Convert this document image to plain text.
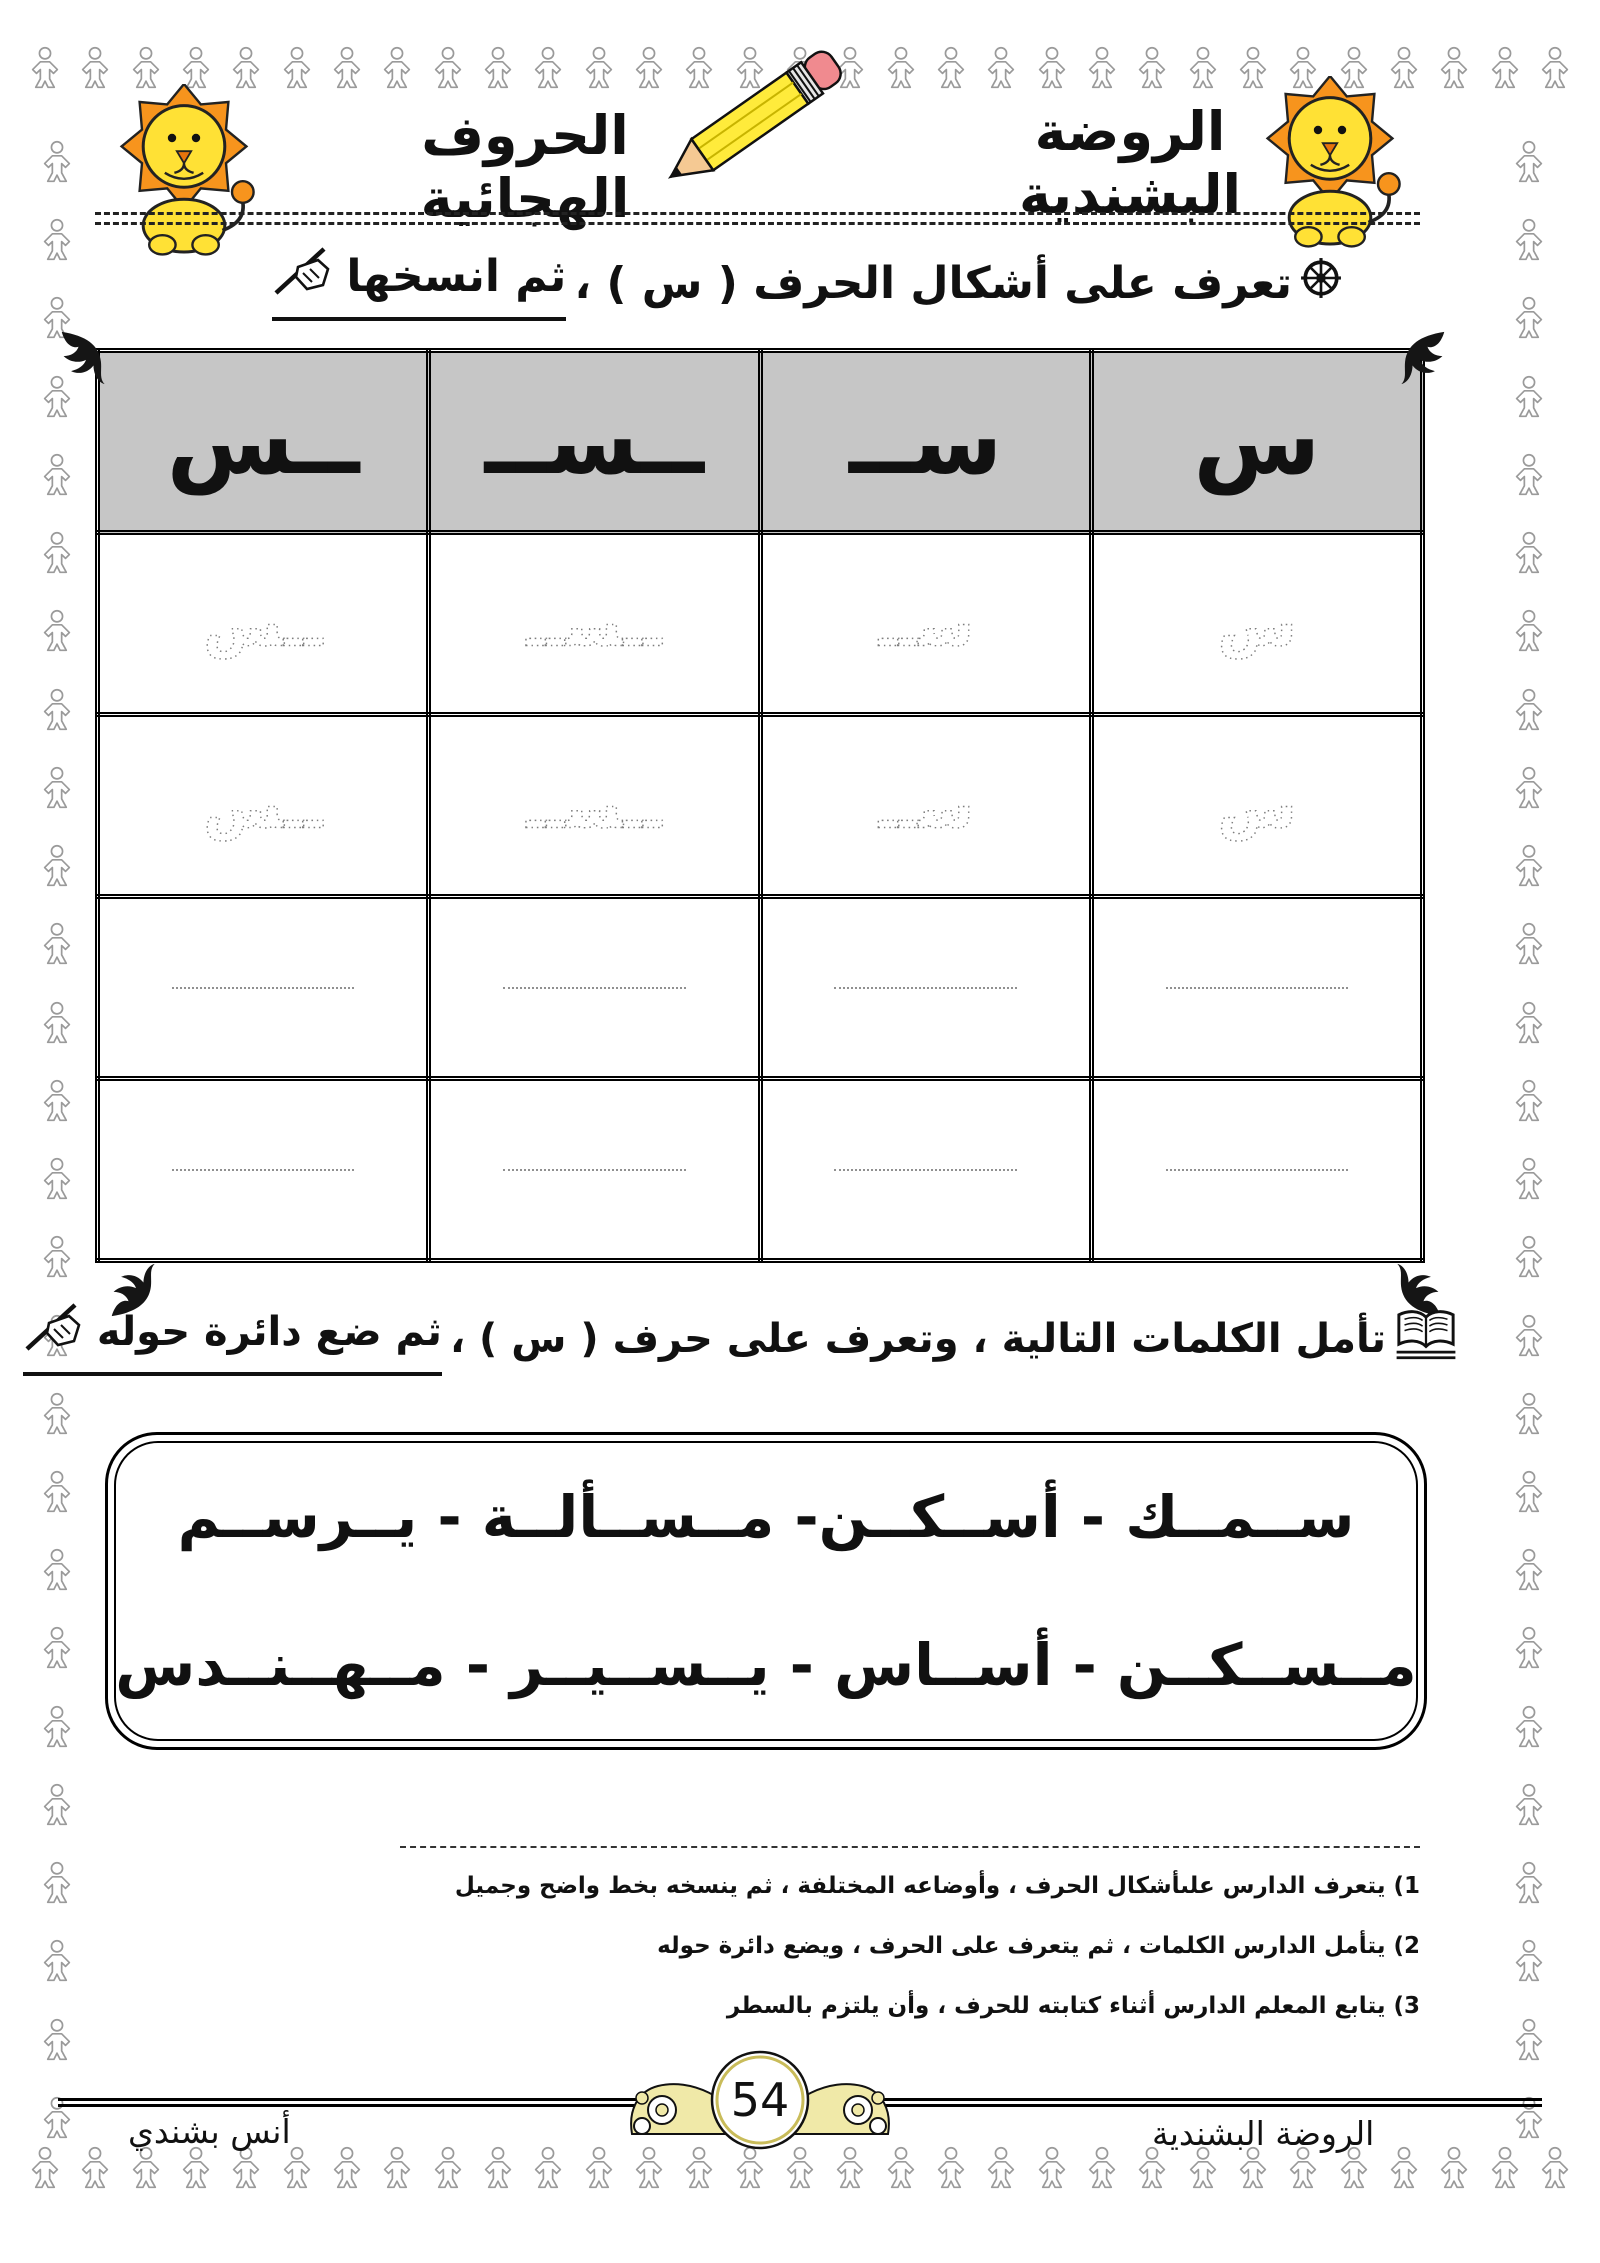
الحروف الهجائية
الروضة البشندية
تعرف على أشكال الحرف ( س ) ،
ثم انسخها
س	ســ	ــســ	ــس

س	ســ	ــســ	ــس

س	ســ	ــســ	ــس

تأمل الكلمات التالية ، وتعرف على حرف ( س ) ،
ثم ضع دائرة حوله
ســمــك - أســكــن- مــســألــة - يــرســم
مــســكــن - أســاس - يــســيــر - مــهــنــدس
1) يتعرف الدارس علىأشكال الحرف ، وأوضاعه المختلفة ، ثم ينسخه بخط واضح وجميل
2) يتأمل الدارس الكلمات ، ثم يتعرف على الحرف ، ويضع دائرة حوله
3) يتابع المعلم الدارس أثناء كتابته للحرف ، وأن يلتزم بالسطر
54
أنس بشندي	الروضة البشندية
